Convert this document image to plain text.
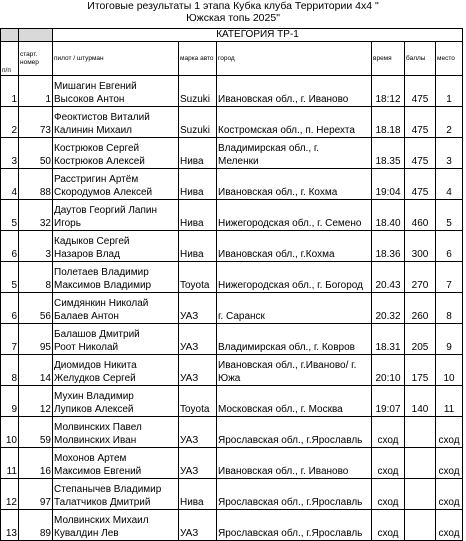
Итоговые результаты 1 этапа Кубка клуба Территории 4х4 "
Южская топь 2025"
		КАТЕГОРИЯ ТР-1					
п/п	старт. номер	пилот / штурман	марка авто	город	время	баллы	место
1	1	Мишагин Евгений
Высоков Антон	Suzuki	Ивановская обл., г. Иваново	18:12	475	1
2	73	Феоктистов Виталий
Калинин Михаил	Suzuki	Костромская обл., п. Нерехта	18.18	475	2
3	50	Кострюков Сергей
Кострюков Алексей	Нива	Владимирская обл., г.
Меленки	18.35	475	3
4	88	Расстригин Артём
Скородумов Алексей	Нива	Ивановская обл., г. Кохма	19:04	475	4
5	32	Даутов Георгий Лапин
Игорь	Нива	Нижегородская обл., г. Семено	18.40	460	5
6	3	Кадыков Сергей
Назаров Влад	Нива	Ивановская обл., г.Кохма	18.36	300	6
5	8	Полетаев Владимир
Максимов Владимир	Toyota	Нижегородская обл., г. Богород	20.43	270	7
6	56	Симдянкин Николай
Балаев Антон	УАЗ	г. Саранск	20.32	260	8
7	95	Балашов Дмитрий
Роот Николай	УАЗ	Владимирская обл., г. Ковров	18.31	205	9
8	14	Диомидов Никита
Желудков Сергей	УАЗ	Ивановская обл., г.Иваново/ г.
Южа	20:10	175	10
9	12	Мухин Владимир
Лупиков Алексей	Toyota	Московская обл., г. Москва	19:07	140	11
10	59	Молвинских Павел
Молвинских Иван	УАЗ	Ярославская обл., г.Ярославль	сход		сход
11	16	Мохонов Артем
Максимов Евгений	УАЗ	Ивановская обл., г. Иваново	сход		сход
12	97	Степанычев Владимир
Талатчиков Дмитрий	Нива	Ярославская обл., г.Ярославль	сход		сход
13	89	Молвинских Михаил
Кувалдин Лев	УАЗ	Ярославская обл., г.Ярославль	сход		сход
